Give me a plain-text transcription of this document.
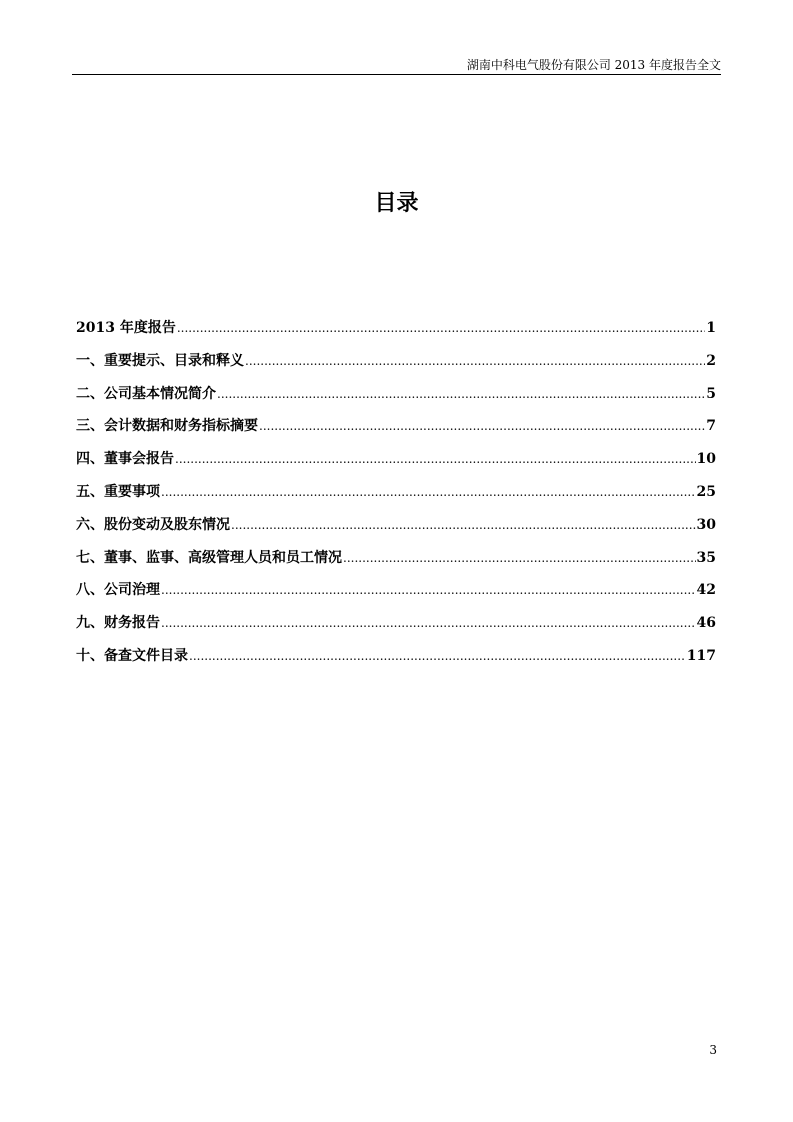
湖南中科电气股份有限公司 2013 年度报告全文
目录
2013 年度报告 .....	1
一、重要提示、目录和释义 .....	2
二、公司基本情况简介 .....	5
三、会计数据和财务指标摘要 .....	7
四、董事会报告 .....	10
五、重要事项 .....	25
六、股份变动及股东情况 .....	30
七、董事、监事、高级管理人员和员工情况 .....	35
八、公司治理 .....	42
九、财务报告 .....	46
十、备查文件目录 .....	117
3
